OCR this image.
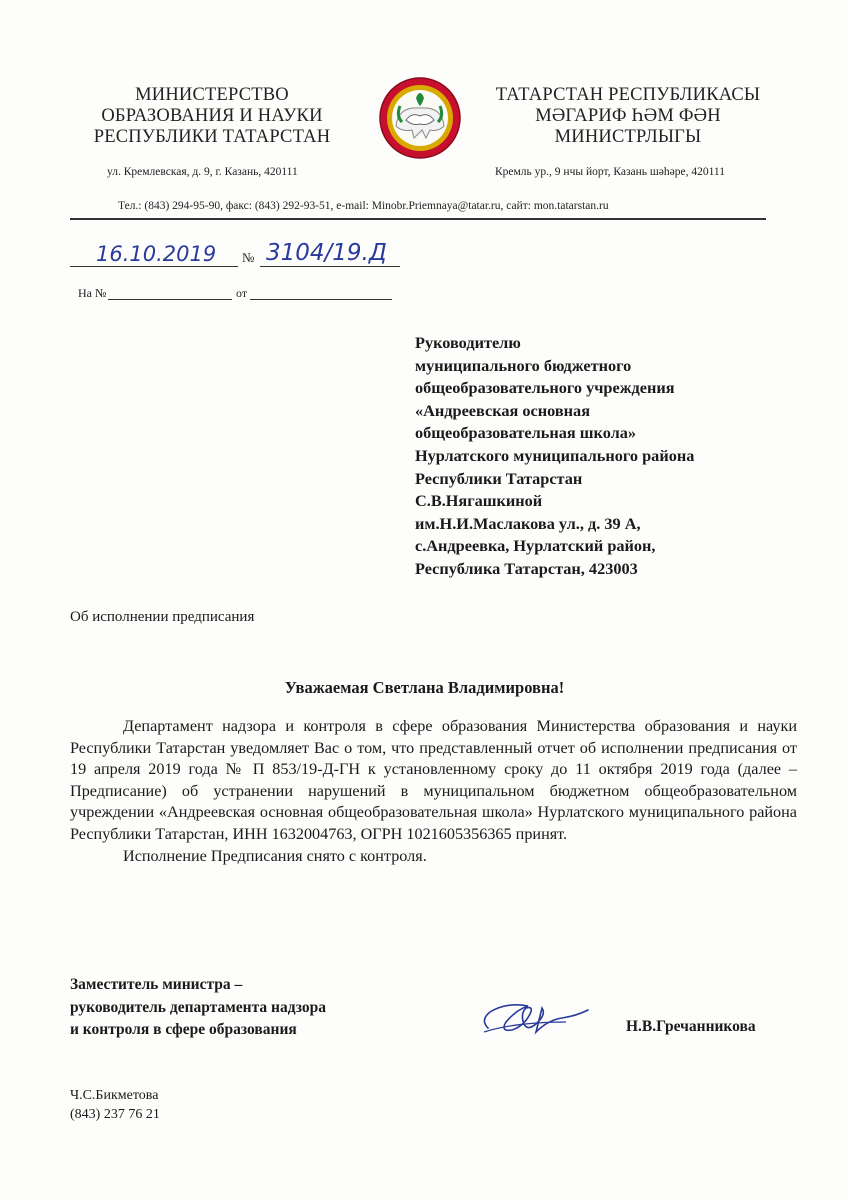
МИНИСТЕРСТВО
ОБРАЗОВАНИЯ И НАУКИ
РЕСПУБЛИКИ ТАТАРСТАН
ТАТАРСТАН РЕСПУБЛИКАСЫ
МӘГАРИФ ҺӘМ ФӘН
МИНИСТРЛЫГЫ
ул. Кремлевская, д. 9, г. Казань, 420111	Кремль ур., 9 нчы йорт, Казань шәһәре, 420111
Тел.: (843) 294-95-90, факс: (843) 292-93-51, e-mail: Minobr.Priemnaya@tatar.ru, сайт: mon.tatarstan.ru
16.10.2019 № 3104/19.Д
На №	от
Руководителю
муниципального бюджетного
общеобразовательного учреждения
«Андреевская основная
общеобразовательная школа»
Нурлатского муниципального района
Республики Татарстан
С.В.Нягашкиной
им.Н.И.Маслакова ул., д. 39 А,
с.Андреевка, Нурлатский район,
Республика Татарстан, 423003
Об исполнении предписания
Уважаемая Светлана Владимировна!

Департамент надзора и контроля в сфере образования Министерства образования и науки Республики Татарстан уведомляет Вас о том, что представленный отчет об исполнении предписания от 19 апреля 2019 года № П 853/19-Д-ГН к установленному сроку до 11 октября 2019 года (далее – Предписание) об устранении нарушений в муниципальном бюджетном общеобразовательном учреждении «Андреевская основная общеобразовательная школа» Нурлатского муниципального района Республики Татарстан, ИНН 1632004763, ОГРН 1021605356365 принят.

Исполнение Предписания снято с контроля.

Заместитель министра –
руководитель департамента надзора
и контроля в сфере образования	Н.В.Гречанникова
Ч.С.Бикметова
(843) 237 76 21
